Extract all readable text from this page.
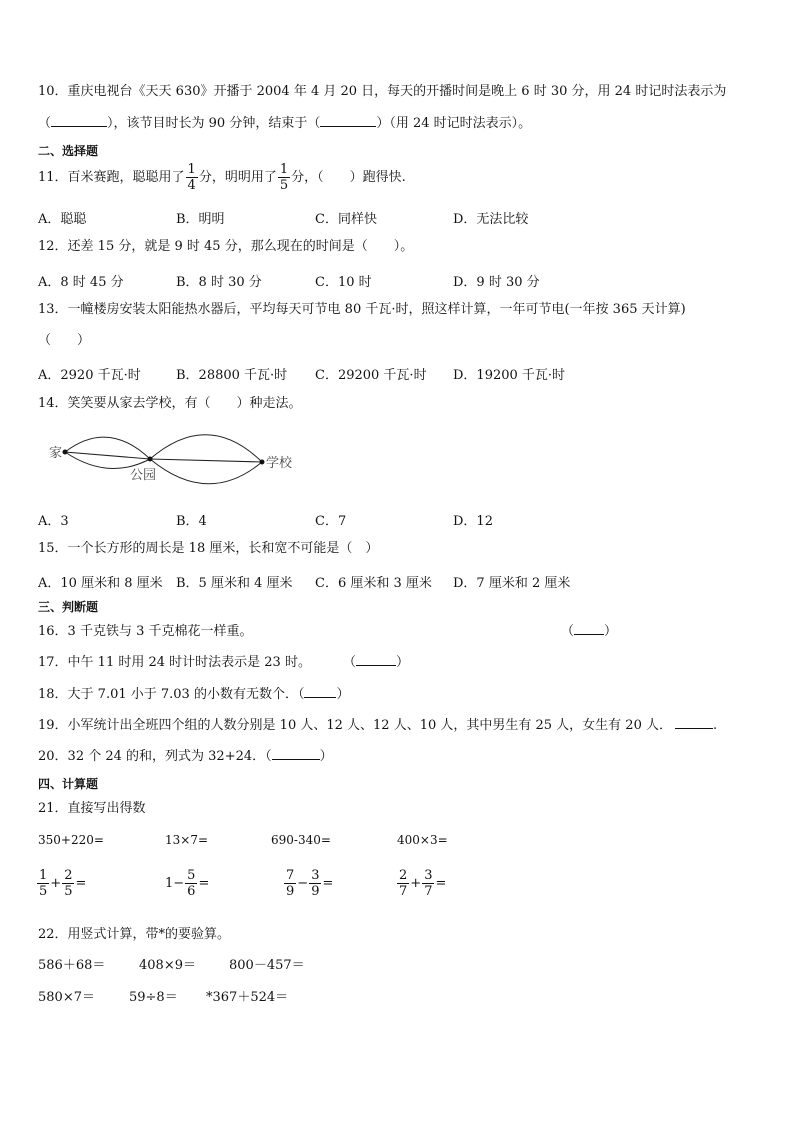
10．重庆电视台《天天 630》开播于 2004 年 4 月 20 日，每天的开播时间是晚上 6 时 30 分，用 24 时记时法表示为
（	），该节目时长为 90 分钟，结束于（	）（用 24 时记时法表示）。
二、选择题
11．百米赛跑，聪聪用了 $\frac{1}{4}$ 分，明明用了 $\frac{1}{5}$ 分，（　　）跑得快.
A．聪聪	B．明明	C．同样快	D．无法比较
12．还差 15 分，就是 9 时 45 分，那么现在的时间是（　　）。
A．8 时 45 分	B．8 时 30 分	C．10 时	D．9 时 30 分
13．一幢楼房安装太阳能热水器后，平均每天可节电 80 千瓦·时，照这样计算，一年可节电(一年按 365 天计算)
（　　）
A．2920 千瓦·时	B．28800 千瓦·时 C．29200 千瓦·时 D．19200 千瓦·时
14．笑笑要从家去学校，有（　　）种走法。
家
公园
学校
A．3	B．4	C．7	D．12
15．一个长方形的周长是 18 厘米，长和宽不可能是（　）
A．10 厘米和 8 厘米 B．5 厘米和 4 厘米 C．6 厘米和 3 厘米 D．7 厘米和 2 厘米
三、判断题
16．3 千克铁与 3 千克棉花一样重。	（ ）
17．中午 11 时用 24 时计时法表示是 23 时。 （	）
18．大于 7.01 小于 7.03 的小数有无数个．（ ）
19．小军统计出全班四个组的人数分别是 10 人、12 人、12 人、10 人，其中男生有 25 人，女生有 20 人．	.
20．32 个 24 的和，列式为 32+24．（	）
四、计算题
21．直接写出得数
350+220=	13×7=	690-340=	400×3=
$\frac{1}{5} + \frac{2}{5}$ =	$1- \frac{5}{6}$ =	$\frac{7}{9} - \frac{3}{9}$ =	$\frac{2}{7} + \frac{3}{7}$ =
22．用竖式计算，带*的要验算。
586＋68＝	408×9＝	800－457＝
580×7＝	59÷8＝ *367＋524＝
